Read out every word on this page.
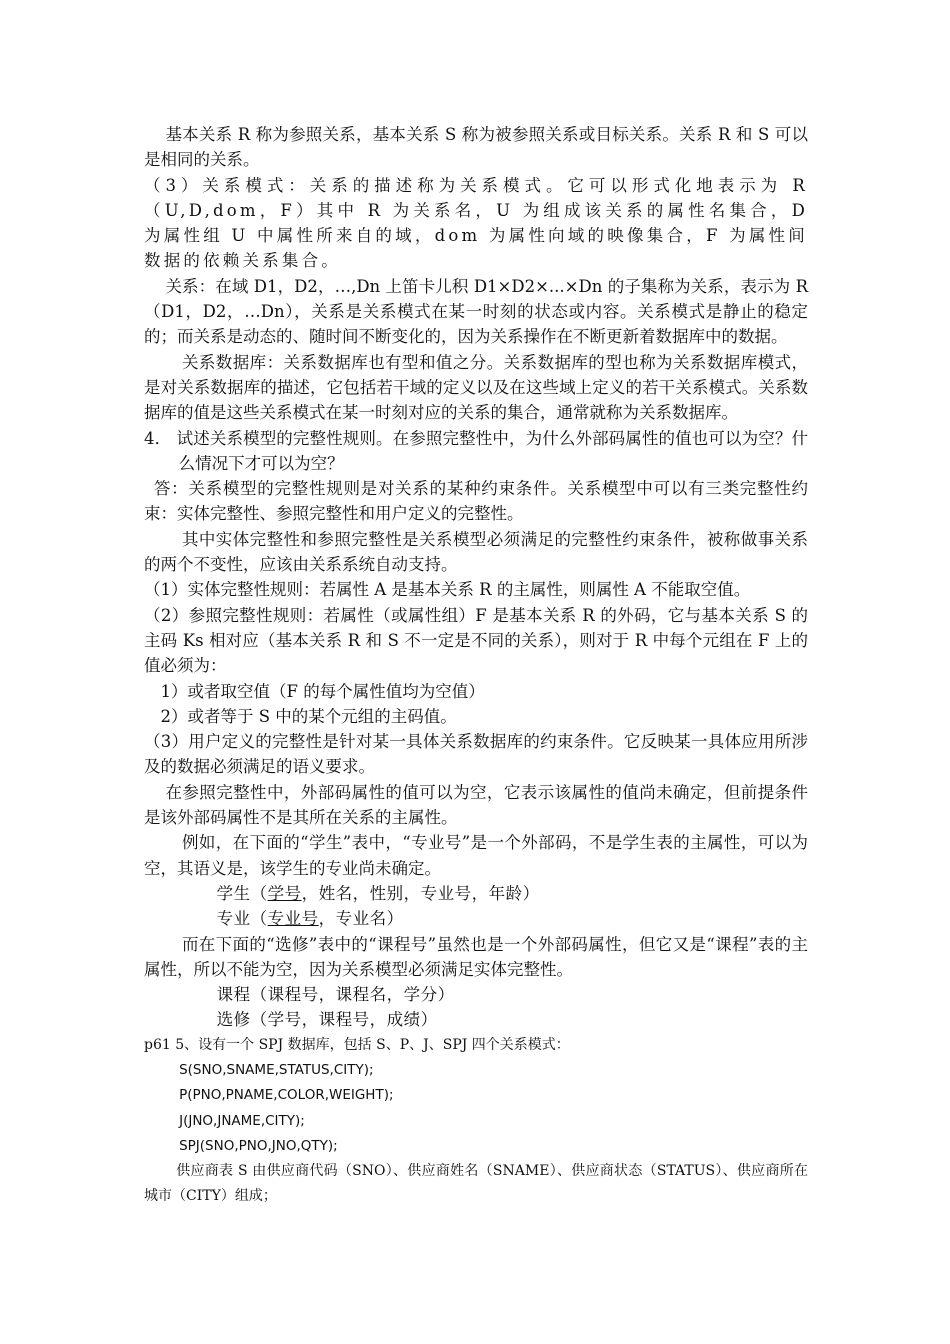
基本关系 R 称为参照关系，基本关系 S 称为被参照关系或目标关系。关系 R 和 S 可以是相同的关系。

（3）关系模式：关系的描述称为关系模式。它可以形式化地表示为 R（U,D,dom，F）其中 R 为关系名，U 为组成该关系的属性名集合，D 为属性组 U 中属性所来自的域，dom 为属性向域的映像集合，F 为属性间数据的依赖关系集合。

关系：在域 D1，D2，…,Dn 上笛卡儿积 D1×D2×...×Dn 的子集称为关系，表示为 R（D1，D2，…Dn），关系是关系模式在某一时刻的状态或内容。关系模式是静止的稳定的；而关系是动态的、随时间不断变化的，因为关系操作在不断更新着数据库中的数据。

关系数据库：关系数据库也有型和值之分。关系数据库的型也称为关系数据库模式，是对关系数据库的描述，它包括若干域的定义以及在这些域上定义的若干关系模式。关系数据库的值是这些关系模式在某一时刻对应的关系的集合，通常就称为关系数据库。

4． 试述关系模型的完整性规则。在参照完整性中，为什么外部码属性的值也可以为空？什么情况下才可以为空？

答：关系模型的完整性规则是对关系的某种约束条件。关系模型中可以有三类完整性约束：实体完整性、参照完整性和用户定义的完整性。

其中实体完整性和参照完整性是关系模型必须满足的完整性约束条件，被称做事关系的两个不变性，应该由关系系统自动支持。

（1）实体完整性规则：若属性 A 是基本关系 R 的主属性，则属性 A 不能取空值。

（2）参照完整性规则：若属性（或属性组）F 是基本关系 R 的外码，它与基本关系 S 的主码 Ks 相对应（基本关系 R 和 S 不一定是不同的关系），则对于 R 中每个元组在 F 上的值必须为：

1）或者取空值（F 的每个属性值均为空值）

2）或者等于 S 中的某个元组的主码值。

（3）用户定义的完整性是针对某一具体关系数据库的约束条件。它反映某一具体应用所涉及的数据必须满足的语义要求。

在参照完整性中，外部码属性的值可以为空，它表示该属性的值尚未确定，但前提条件是该外部码属性不是其所在关系的主属性。

例如，在下面的“学生”表中，“专业号”是一个外部码，不是学生表的主属性，可以为空，其语义是，该学生的专业尚未确定。

学生（学号，姓名，性别，专业号，年龄）

专业（专业号，专业名）

而在下面的“选修”表中的“课程号”虽然也是一个外部码属性，但它又是“课程”表的主属性，所以不能为空，因为关系模型必须满足实体完整性。

课程（课程号，课程名，学分）

选修（学号，课程号，成绩）

p61 5、设有一个 SPJ 数据库，包括 S、P、J、SPJ 四个关系模式：

S(SNO,SNAME,STATUS,CITY);

P(PNO,PNAME,COLOR,WEIGHT);

J(JNO,JNAME,CITY);

SPJ(SNO,PNO,JNO,QTY);

供应商表 S 由供应商代码（SNO）、供应商姓名（SNAME）、供应商状态（STATUS）、供应商所在城市（CITY）组成；
